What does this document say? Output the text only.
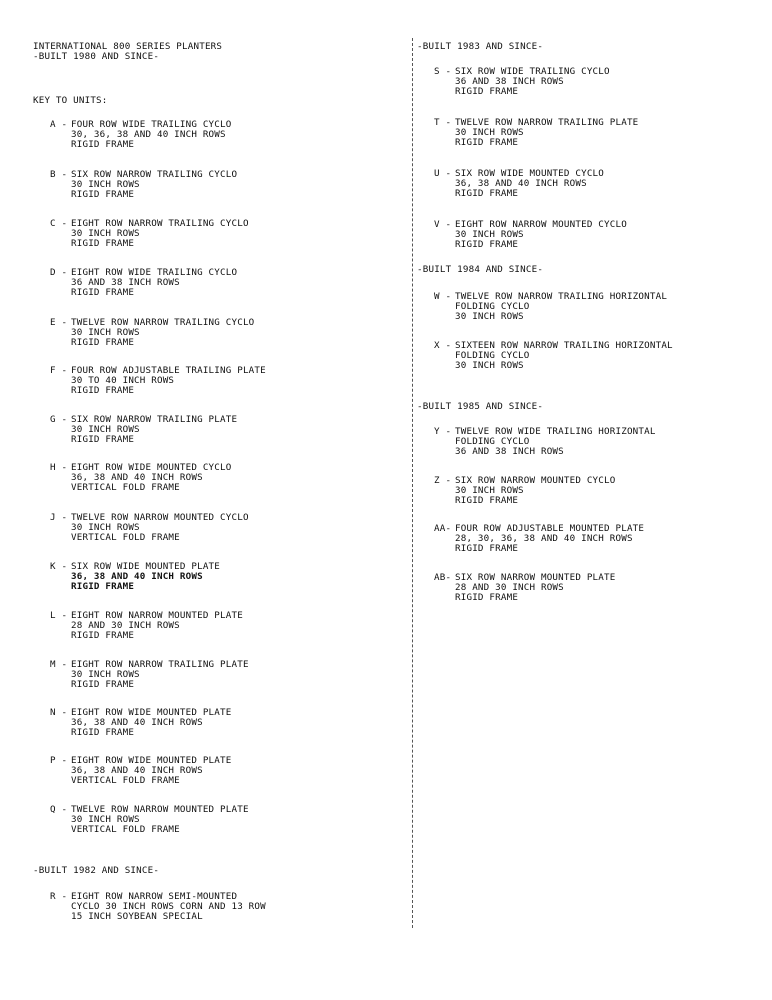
INTERNATIONAL 800 SERIES PLANTERS
-BUILT 1980 AND SINCE-
KEY TO UNITS:
A - FOUR ROW WIDE TRAILING CYCLO
30, 36, 38 AND 40 INCH ROWS
RIGID FRAME
B - SIX ROW NARROW TRAILING CYCLO
30 INCH ROWS
RIGID FRAME
C - EIGHT ROW NARROW TRAILING CYCLO
30 INCH ROWS
RIGID FRAME
D - EIGHT ROW WIDE TRAILING CYCLO
36 AND 38 INCH ROWS
RIGID FRAME
E - TWELVE ROW NARROW TRAILING CYCLO
30 INCH ROWS
RIGID FRAME
F - FOUR ROW ADJUSTABLE TRAILING PLATE
30 TO 40 INCH ROWS
RIGID FRAME
G - SIX ROW NARROW TRAILING PLATE
30 INCH ROWS
RIGID FRAME
H - EIGHT ROW WIDE MOUNTED CYCLO
36, 38 AND 40 INCH ROWS
VERTICAL FOLD FRAME
J - TWELVE ROW NARROW MOUNTED CYCLO
30 INCH ROWS
VERTICAL FOLD FRAME
K - SIX ROW WIDE MOUNTED PLATE
36, 38 AND 40 INCH ROWS
RIGID FRAME
L - EIGHT ROW NARROW MOUNTED PLATE
28 AND 30 INCH ROWS
RIGID FRAME
M - EIGHT ROW NARROW TRAILING PLATE
30 INCH ROWS
RIGID FRAME
N - EIGHT ROW WIDE MOUNTED PLATE
36, 38 AND 40 INCH ROWS
RIGID FRAME
P - EIGHT ROW WIDE MOUNTED PLATE
36, 38 AND 40 INCH ROWS
VERTICAL FOLD FRAME
Q - TWELVE ROW NARROW MOUNTED PLATE
30 INCH ROWS
VERTICAL FOLD FRAME
-BUILT 1982 AND SINCE-
R - EIGHT ROW NARROW SEMI-MOUNTED
CYCLO 30 INCH ROWS CORN AND 13 ROW
15 INCH SOYBEAN SPECIAL
-BUILT 1983 AND SINCE-
S - SIX ROW WIDE TRAILING CYCLO
36 AND 38 INCH ROWS
RIGID FRAME
T - TWELVE ROW NARROW TRAILING PLATE
30 INCH ROWS
RIGID FRAME
U - SIX ROW WIDE MOUNTED CYCLO
36, 38 AND 40 INCH ROWS
RIGID FRAME
V - EIGHT ROW NARROW MOUNTED CYCLO
30 INCH ROWS
RIGID FRAME
-BUILT 1984 AND SINCE-
W - TWELVE ROW NARROW TRAILING HORIZONTAL
FOLDING CYCLO
30 INCH ROWS
X - SIXTEEN ROW NARROW TRAILING HORIZONTAL
FOLDING CYCLO
30 INCH ROWS
-BUILT 1985 AND SINCE-
Y - TWELVE ROW WIDE TRAILING HORIZONTAL
FOLDING CYCLO
36 AND 38 INCH ROWS
Z - SIX ROW NARROW MOUNTED CYCLO
30 INCH ROWS
RIGID FRAME
AA- FOUR ROW ADJUSTABLE MOUNTED PLATE
28, 30, 36, 38 AND 40 INCH ROWS
RIGID FRAME
AB- SIX ROW NARROW MOUNTED PLATE
28 AND 30 INCH ROWS
RIGID FRAME
